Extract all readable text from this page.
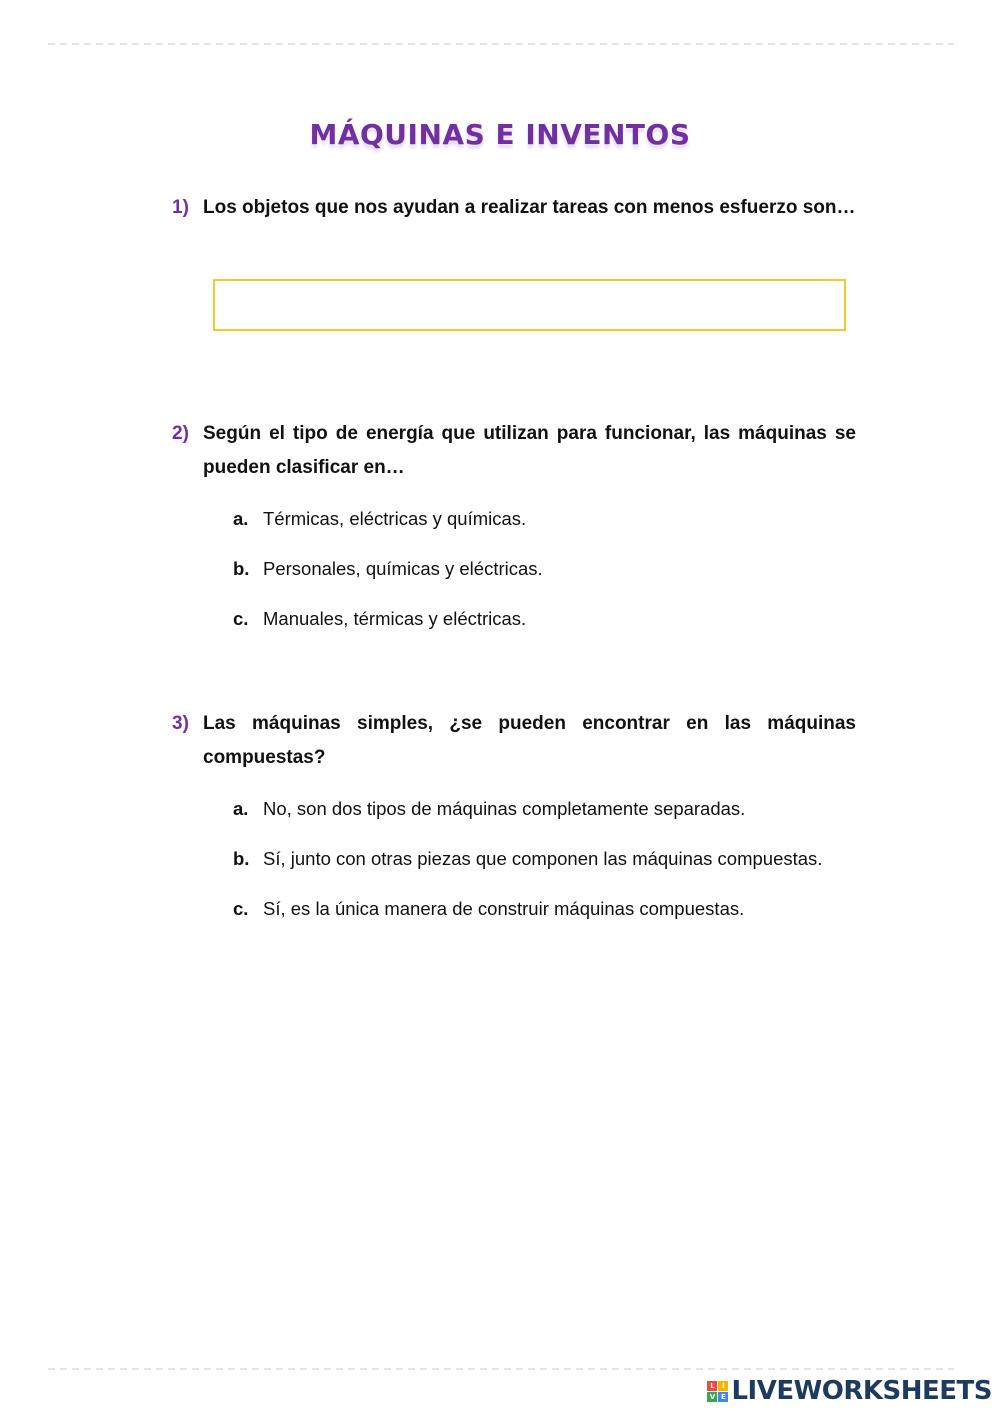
MÁQUINAS E INVENTOS
1) Los objetos que nos ayudan a realizar tareas con menos esfuerzo son…
2) Según el tipo de energía que utilizan para funcionar, las máquinas se pueden clasificar en…
a. Térmicas, eléctricas y químicas.
b. Personales, químicas y eléctricas.
c. Manuales, térmicas y eléctricas.
3) Las máquinas simples, ¿se pueden encontrar en las máquinas compuestas?
a. No, son dos tipos de máquinas completamente separadas.
b. Sí, junto con otras piezas que componen las máquinas compuestas.
c. Sí, es la única manera de construir máquinas compuestas.
L	I
V E LIVEWORKSHEETS
